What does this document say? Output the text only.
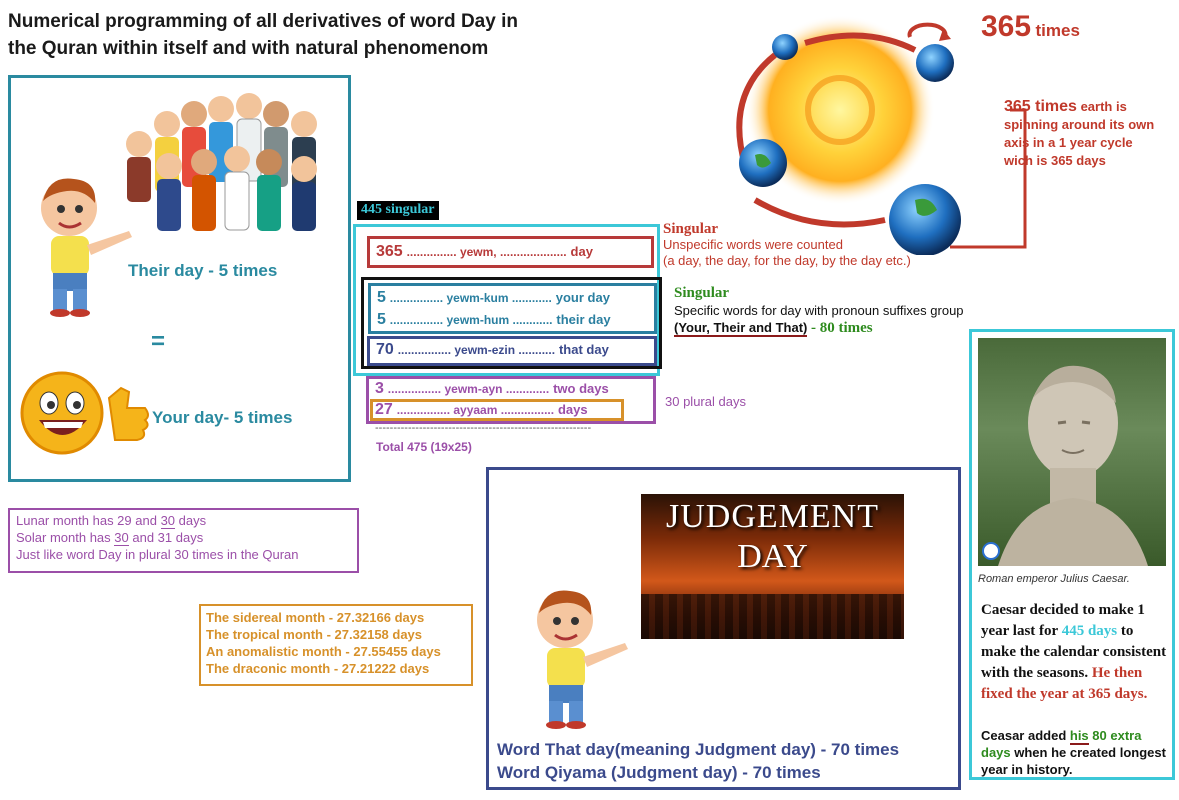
Numerical programming of all derivatives of word Day in
the Quran within itself and with natural phenomenom
Their day - 5 times
=
Your day- 5 times
445 singular
365 ............... yewm, .................... day
5 ................ yewm-kum ............ your day
5 ................ yewm-hum ............ their day
70 ................ yewm-ezin ........... that day
3 ................ yewm-ayn ............. two days
27 ................ ayyaam ................ days
-----------------------------------------------------------
Total 475 (19x25)
Singular
Unspecific words were counted
(a day, the day, for the day, by the day etc.)
Singular
Specific words for day with pronoun suffixes group
(Your, Their and That) - 80 times
30 plural days
365 times
365 times earth is
spinning around its own
axis in a 1 year cycle
wich is 365 days
Lunar month has 29 and 30 days
Solar month has 30 and 31 days
Just like word Day in plural 30 times in the Quran
The sidereal month - 27.32166 days
The tropical month - 27.32158 days
An anomalistic month - 27.55455 days
The draconic month - 27.21222 days
JUDGEMENT
DAY
Word That day(meaning Judgment day) - 70 times
Word Qiyama (Judgment day) - 70 times
Roman emperor Julius Caesar.
Caesar decided to make 1 year last for 445 days to make the calendar consistent with the seasons. He then fixed the year at 365 days.
Ceasar added his 80 extra days when he created longest year in history.
